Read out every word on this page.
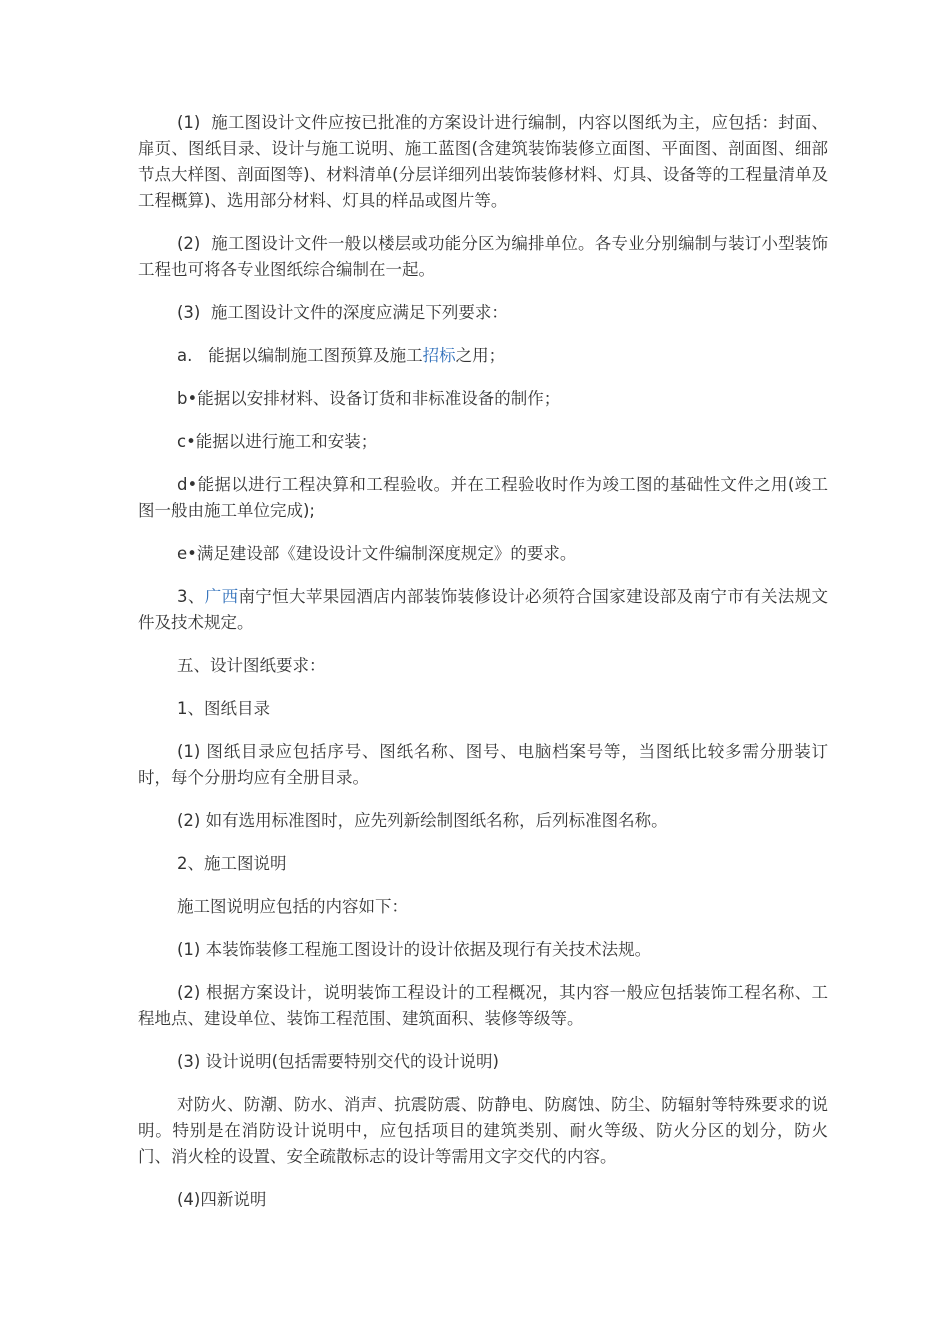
(1)  施工图设计文件应按已批准的方案设计进行编制，内容以图纸为主，应包括：封面、扉页、图纸目录、设计与施工说明、施工蓝图(含建筑装饰装修立面图、平面图、剖面图、细部节点大样图、剖面图等)、材料清单(分层详细列出装饰装修材料、灯具、设备等的工程量清单及工程概算)、选用部分材料、灯具的样品或图片等。

(2)  施工图设计文件一般以楼层或功能分区为编排单位。各专业分别编制与装订小型装饰工程也可将各专业图纸综合编制在一起。

(3)  施工图设计文件的深度应满足下列要求：

a.   能据以编制施工图预算及施工招标之用；

b•能据以安排材料、设备订货和非标准设备的制作；

c•能据以进行施工和安装；

d•能据以进行工程决算和工程验收。并在工程验收时作为竣工图的基础性文件之用(竣工图一般由施工单位完成);

e•满足建设部《建设设计文件编制深度规定》的要求。

3、广西南宁恒大苹果园酒店内部装饰装修设计必须符合国家建设部及南宁市有关法规文件及技术规定。

五、设计图纸要求：

1、图纸目录

(1) 图纸目录应包括序号、图纸名称、图号、电脑档案号等，当图纸比较多需分册装订时，每个分册均应有全册目录。

(2) 如有选用标准图时，应先列新绘制图纸名称，后列标准图名称。

2、施工图说明

施工图说明应包括的内容如下：

(1) 本装饰装修工程施工图设计的设计依据及现行有关技术法规。

(2) 根据方案设计，说明装饰工程设计的工程概况，其内容一般应包括装饰工程名称、工程地点、建设单位、装饰工程范围、建筑面积、装修等级等。

(3) 设计说明(包括需要特别交代的设计说明)

对防火、防潮、防水、消声、抗震防震、防静电、防腐蚀、防尘、防辐射等特殊要求的说明。特别是在消防设计说明中，应包括项目的建筑类别、耐火等级、防火分区的划分，防火门、消火栓的设置、安全疏散标志的设计等需用文字交代的内容。

(4)四新说明
